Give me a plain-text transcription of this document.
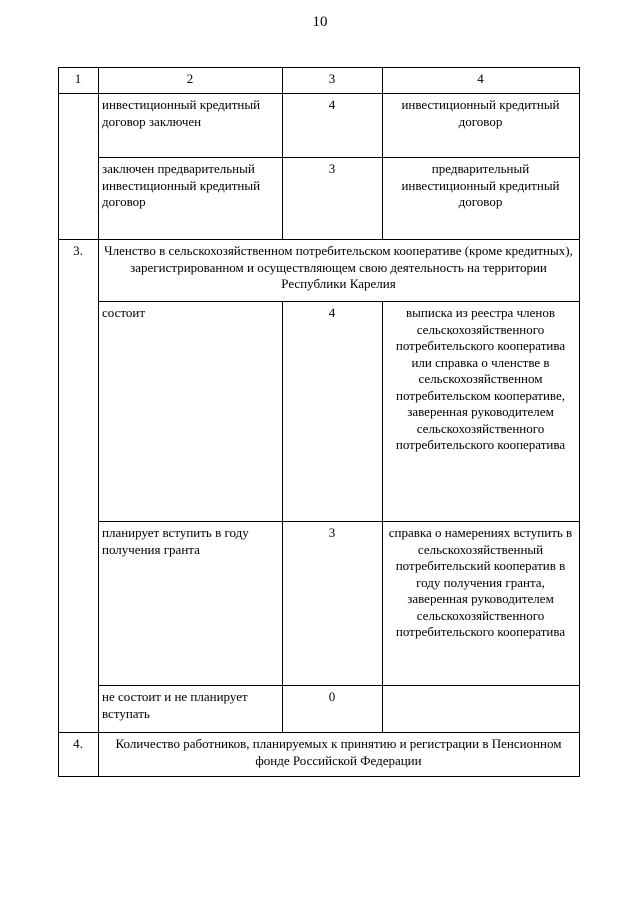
10
1	2	3	4
	инвестиционный кредитный договор заключен	4	инвестиционный кредитный договор
	заключен предварительный инвестиционный кредитный договор	3	предварительный инвестиционный кредитный договор
3.	Членство в сельскохозяйственном потребительском кооперативе (кроме кредитных), зарегистрированном и осуществляющем свою деятельность на территории Республики Карелия		
	состоит	4	выписка из реестра членов сельскохозяйственного потребительского кооператива или справка о членстве в сельскохозяйственном потребительском кооперативе, заверенная руководителем сельскохозяйственного потребительского кооператива
	планирует вступить в году получения гранта	3	справка о намерениях вступить в сельскохозяйственный потребительский кооператив в году получения гранта, заверенная руководителем сельскохозяйственного потребительского кооператива
	не состоит и не планирует вступать	0	
4.	Количество работников, планируемых к принятию и регистрации в Пенсионном фонде Российской Федерации		
